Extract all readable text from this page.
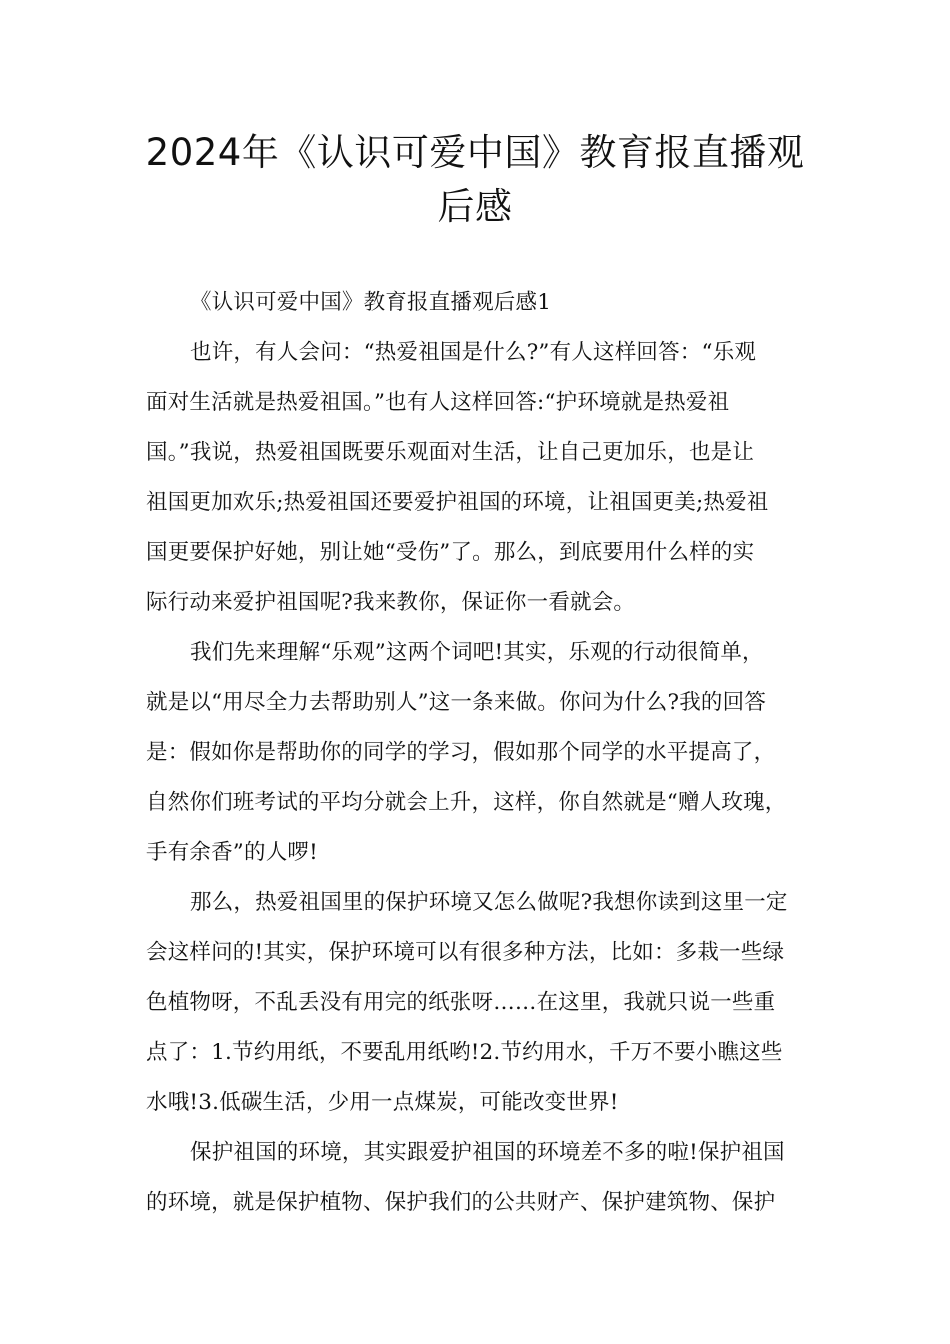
2024年《认识可爱中国》教育报直播观
后感
《认识可爱中国》教育报直播观后感1
也许，有人会问：“热爱祖国是什么?”有人这样回答：“乐观
面对生活就是热爱祖国。”也有人这样回答:“护环境就是热爱祖
国。”我说，热爱祖国既要乐观面对生活，让自己更加乐，也是让
祖国更加欢乐;热爱祖国还要爱护祖国的环境，让祖国更美;热爱祖
国更要保护好她，别让她“受伤”了。那么，到底要用什么样的实
际行动来爱护祖国呢?我来教你，保证你一看就会。
我们先来理解“乐观”这两个词吧!其实，乐观的行动很简单，
就是以“用尽全力去帮助别人”这一条来做。你问为什么?我的回答
是：假如你是帮助你的同学的学习，假如那个同学的水平提高了，
自然你们班考试的平均分就会上升，这样，你自然就是“赠人玫瑰，
手有余香”的人啰!
那么，热爱祖国里的保护环境又怎么做呢?我想你读到这里一定
会这样问的!其实，保护环境可以有很多种方法，比如：多栽一些绿
色植物呀，不乱丢没有用完的纸张呀……在这里，我就只说一些重
点了：1.节约用纸，不要乱用纸哟!2.节约用水，千万不要小瞧这些
水哦!3.低碳生活，少用一点煤炭，可能改变世界!
保护祖国的环境，其实跟爱护祖国的环境差不多的啦!保护祖国
的环境，就是保护植物、保护我们的公共财产、保护建筑物、保护
